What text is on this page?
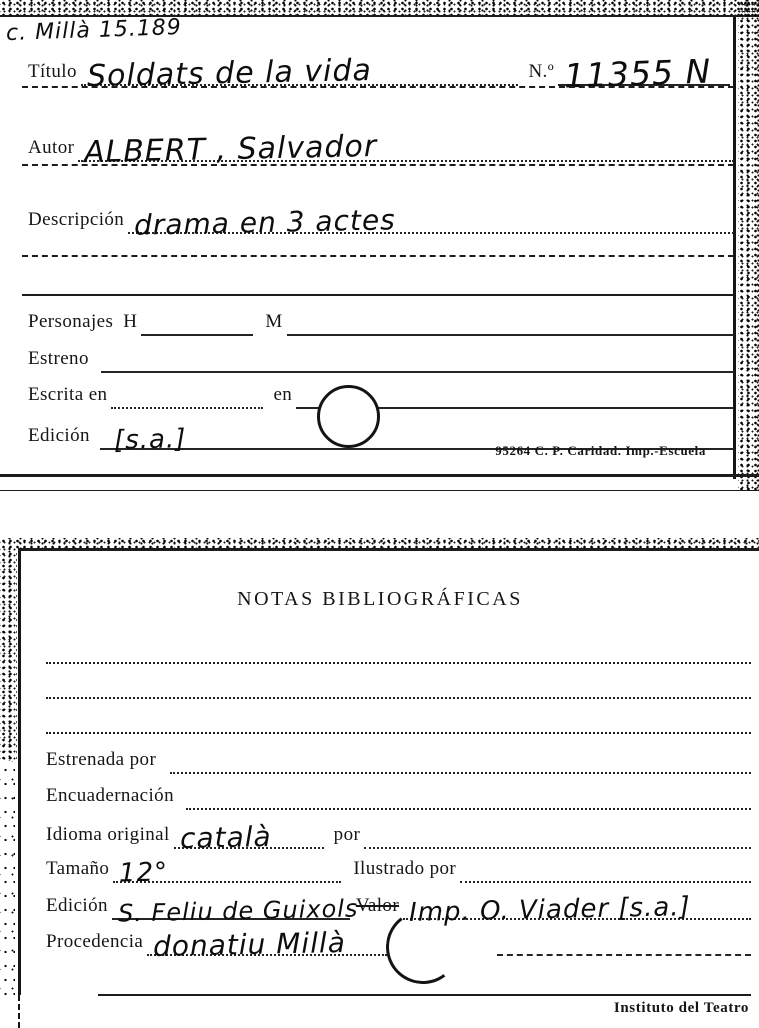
c. Millà 15.189
Título Soldats de la vida	N.º 11355 N
Autor ALBERT , Salvador
Descripción drama en 3 actes
Personajes H	M
Estreno
Escrita en	en
Edición [s.a.]	95264 C. P. Caridad. Imp.-Escuela
NOTAS BIBLIOGRÁFICAS
Estrenada por
Encuadernación
Idioma original català	por
Tamaño 12°	Ilustrado por
Edición S. Feliu de Guixols
Valor Imp. O. Viader [s.a.]
Procedencia donatiu Millà
Instituto del Teatro
